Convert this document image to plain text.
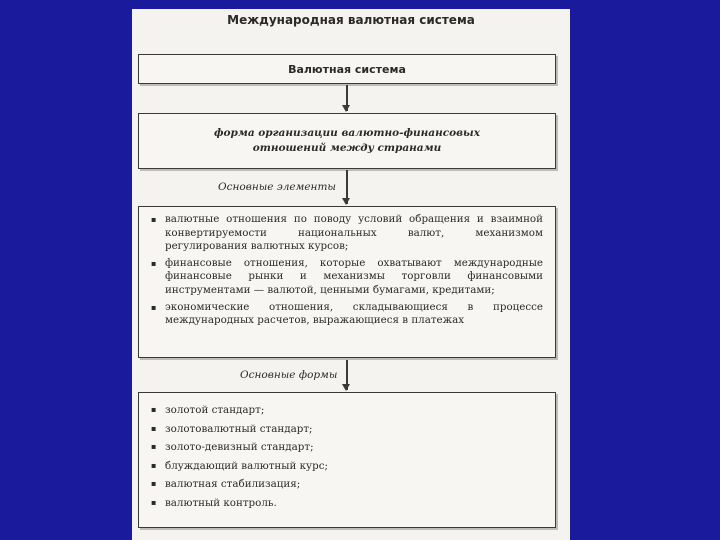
Международная валютная система
Валютная система
форма организации валютно-финансовых отношений между странами
Основные элементы
▪ валютные отношения по поводу условий обращения и взаимной конвертируемости национальных валют, механизмом регулирования валютных курсов;
▪ финансовые отношения, которые охватывают международные финансовые рынки и механизмы торговли финансовыми инструментами — валютой, ценными бумагами, кредитами;
▪ экономические отношения, складывающиеся в процессе международных расчетов, выражающиеся в платежах
Основные формы
▪ золотой стандарт;
▪ золотовалютный стандарт;
▪ золото-девизный стандарт;
▪ блуждающий валютный курс;
▪ валютная стабилизация;
▪ валютный контроль.
